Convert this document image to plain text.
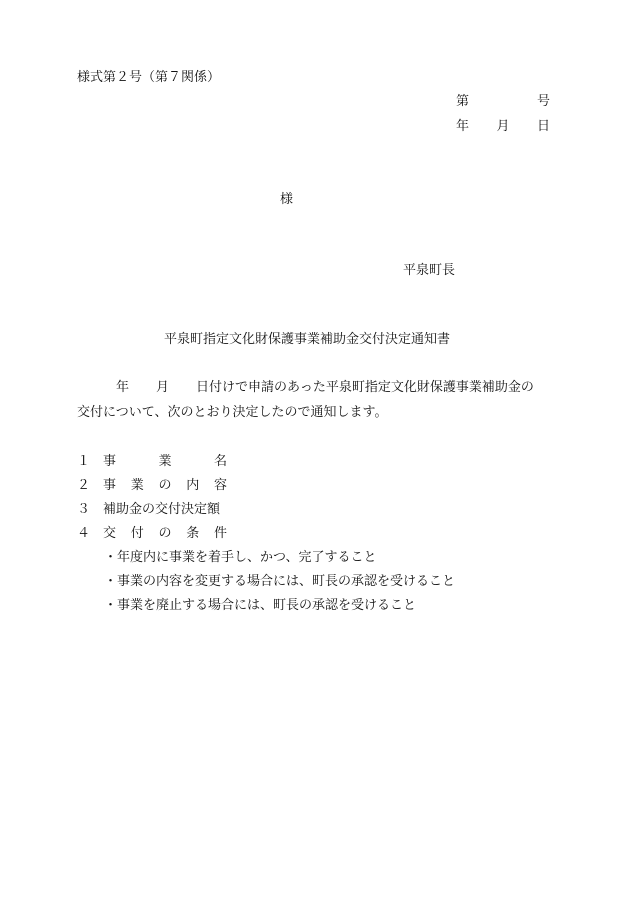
様式第２号（第７関係）
第	号
年 月 日
様
平泉町長
平泉町指定文化財保護事業補助金交付決定通知書
年 月 日付けで申請のあった平泉町指定文化財保護事業補助金の
交付について、次のとおり決定したので通知します。
１ 事	業	名
２ 事 業 の 内 容
３ 補助金の交付決定額
４ 交 付 の 条 件
・年度内に事業を着手し、かつ、完了すること
・事業の内容を変更する場合には、町長の承認を受けること
・事業を廃止する場合には、町長の承認を受けること
